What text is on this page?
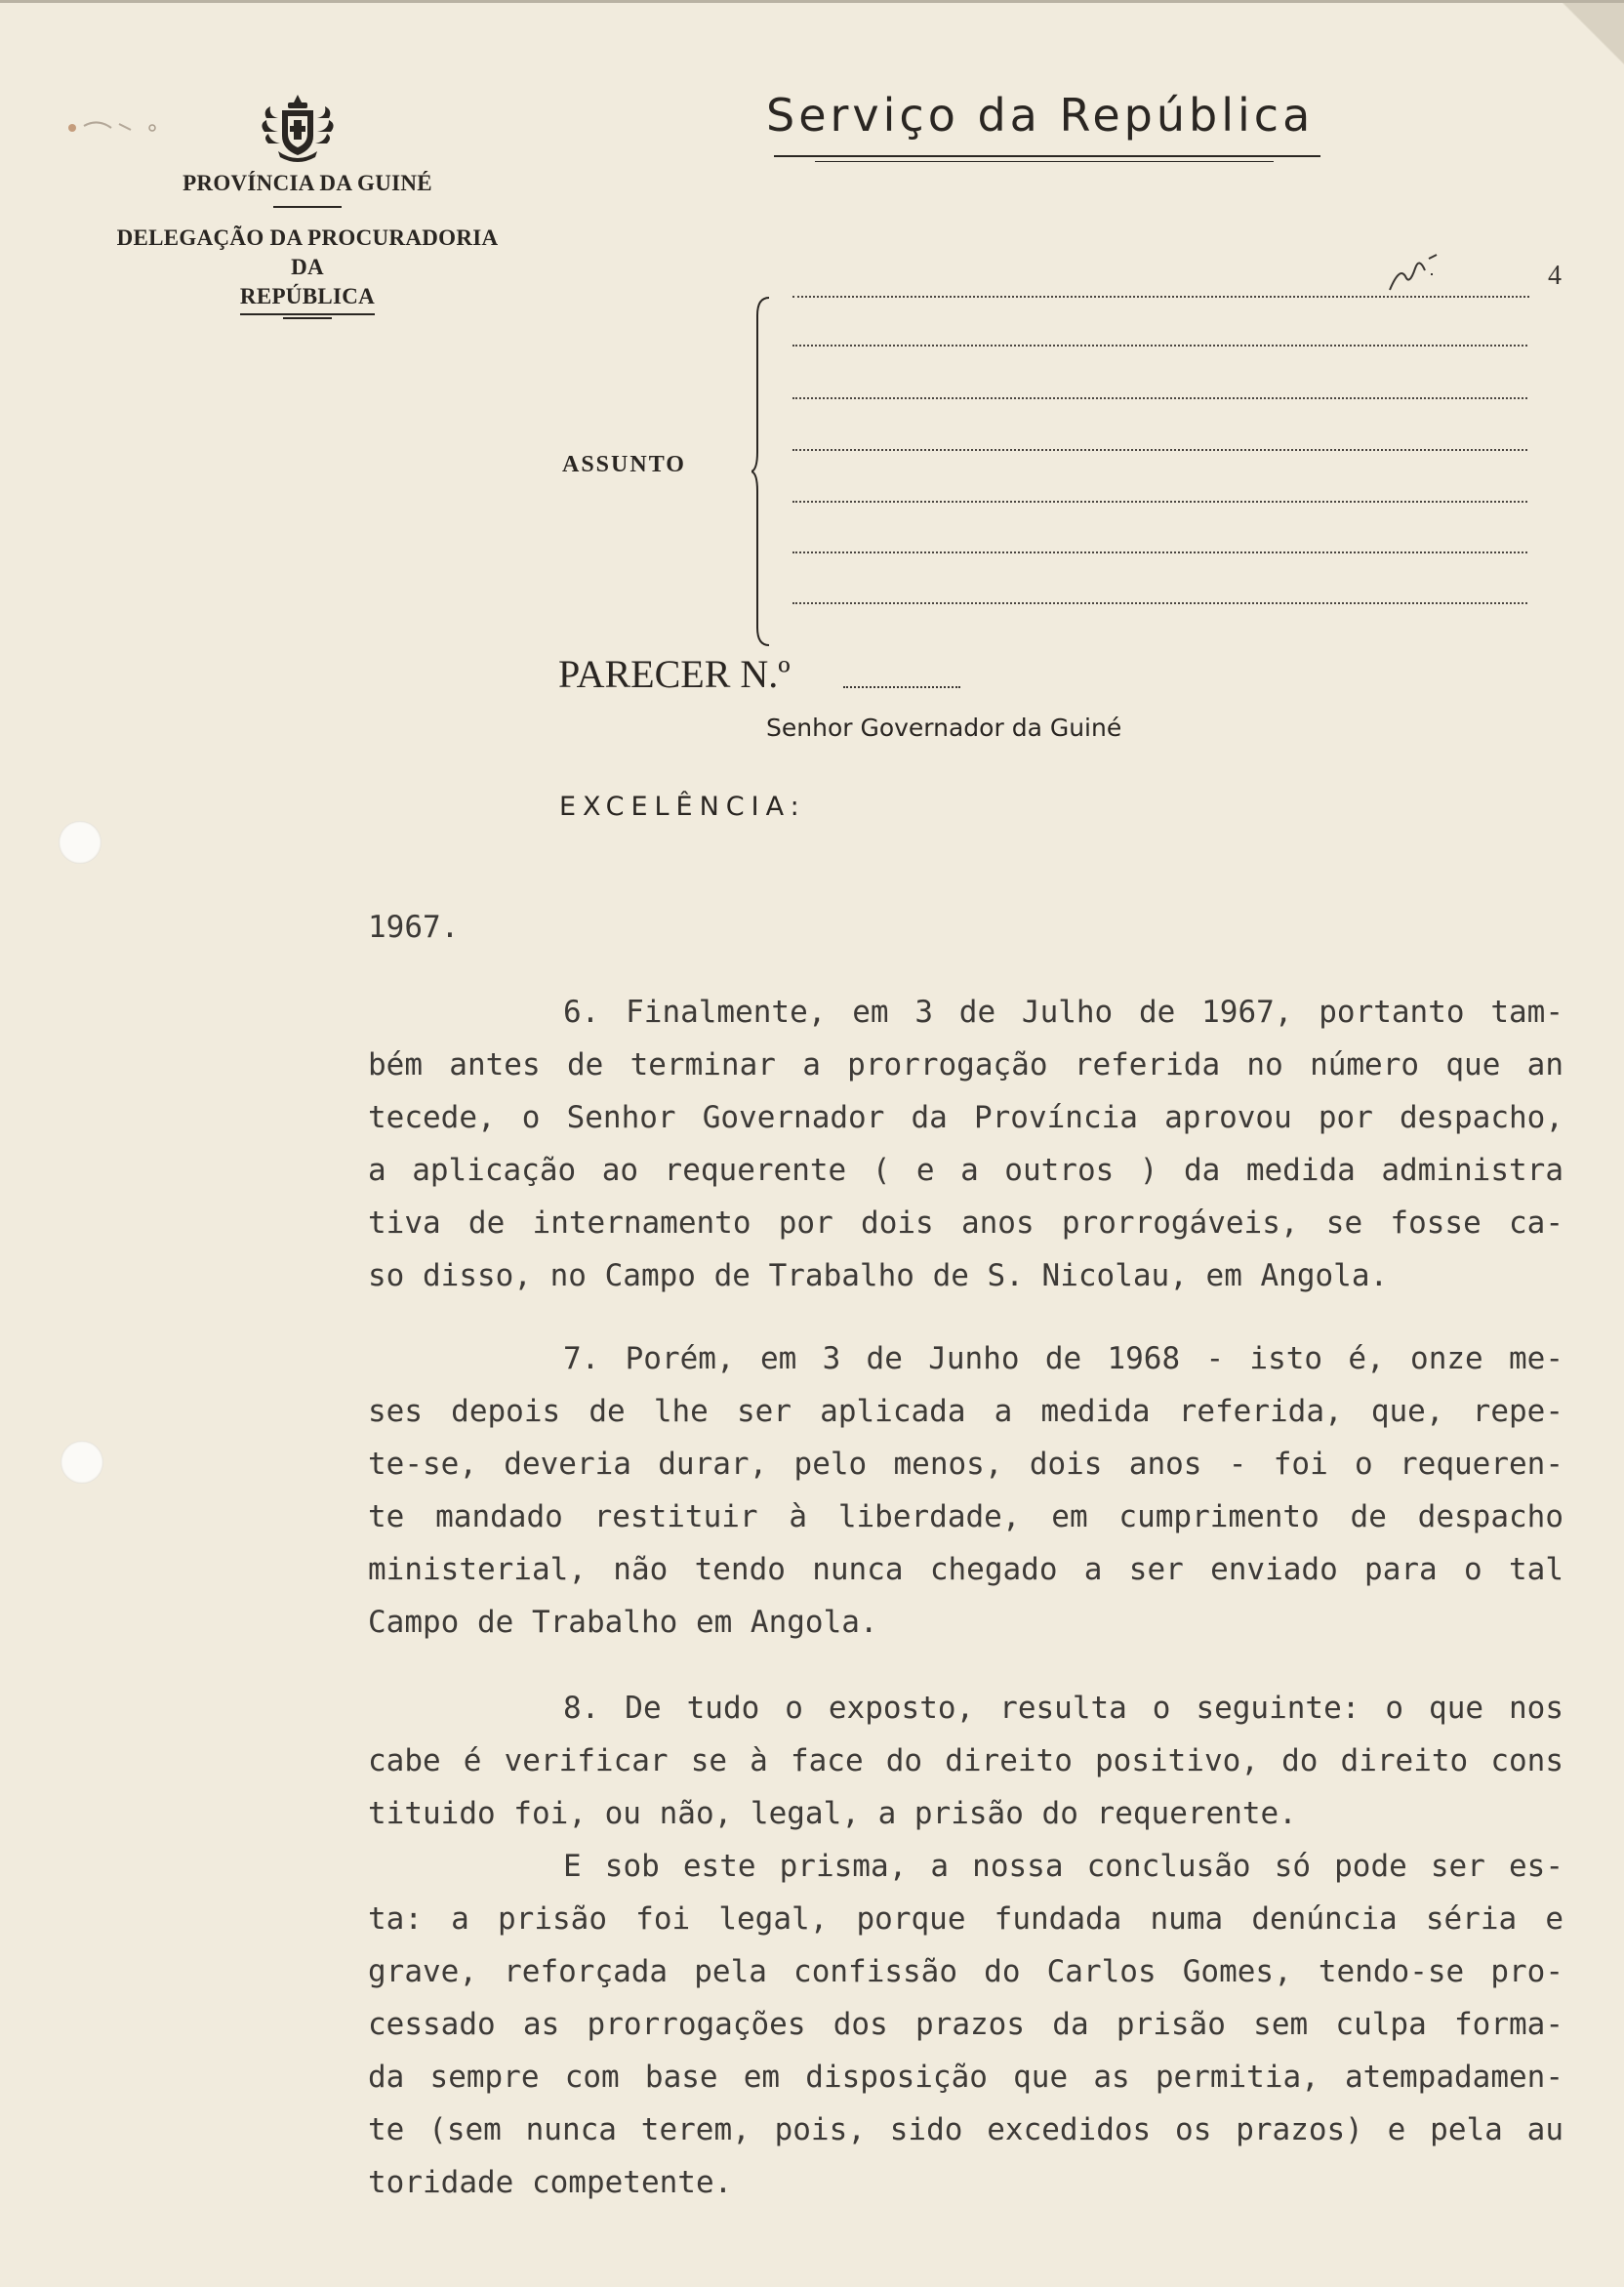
PROVÍNCIA DA GUINÉ
DELEGAÇÃO DA PROCURADORIA
DA
REPÚBLICA
Serviço da República
ASSUNTO
4
PARECER N.º
Senhor Governador da Guiné
EXCELÊNCIA:
1967.
6. Finalmente, em 3 de Julho de 1967, portanto tam-
bém antes de terminar a prorrogação referida no número que an
tecede, o Senhor Governador da Província aprovou por despacho,
a aplicação ao requerente ( e a outros ) da medida administra
tiva de internamento por dois anos prorrogáveis, se fosse ca-
so disso, no Campo de Trabalho de S. Nicolau, em Angola.
7. Porém, em 3 de Junho de 1968 - isto é, onze me-
ses depois de lhe ser aplicada a medida referida, que, repe-
te-se, deveria durar, pelo menos, dois anos - foi o requeren-
te mandado restituir à liberdade, em cumprimento de despacho
ministerial, não tendo nunca chegado a ser enviado para o tal
Campo de Trabalho em Angola.
8. De tudo o exposto, resulta o seguinte: o que nos
cabe é verificar se à face do direito positivo, do direito cons
tituido foi, ou não, legal, a prisão do requerente.
E sob este prisma, a nossa conclusão só pode ser es-
ta: a prisão foi legal, porque fundada numa denúncia séria e
grave, reforçada pela confissão do Carlos Gomes, tendo-se pro-
cessado as prorrogações dos prazos da prisão sem culpa forma-
da sempre com base em disposição que as permitia, atempadamen-
te (sem nunca terem, pois, sido excedidos os prazos) e pela au
toridade competente.
